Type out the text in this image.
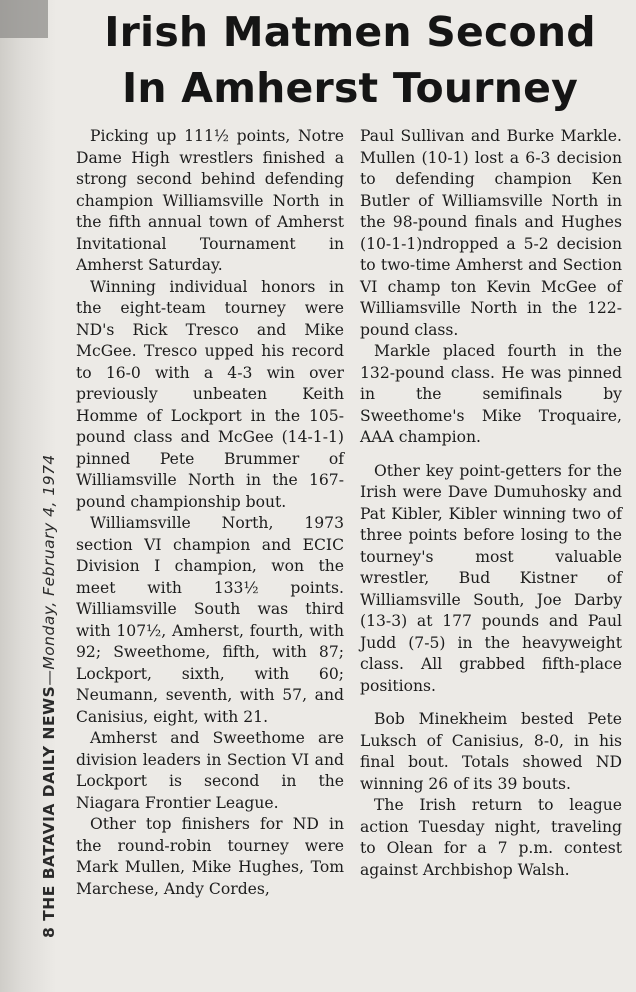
8 THE BATAVIA DAILY NEWS—Monday, February 4, 1974
Irish Matmen Second
In Amherst Tourney

Picking up 111½ points, Notre Dame High wrestlers finished a strong second behind defending champion Williamsville North in the fifth annual town of Amherst Invitational Tournament in Amherst Saturday.

Winning individual honors in the eight-team tourney were ND's Rick Tresco and Mike McGee. Tresco upped his record to 16-0 with a 4-3 win over previously unbeaten Keith Homme of Lockport in the 105-pound class and McGee (14-1-1) pinned Pete Brummer of Williamsville North in the 167-pound championship bout.

Williamsville North, 1973 section VI champion and ECIC Division I champion, won the meet with 133½ points. Williamsville South was third with 107½, Amherst, fourth, with 92; Sweethome, fifth, with 87; Lockport, sixth, with 60; Neumann, seventh, with 57, and Canisius, eight, with 21.

Amherst and Sweethome are division leaders in Section VI and Lockport is second in the Niagara Frontier League.

Other top finishers for ND in the round-robin tourney were Mark Mullen, Mike Hughes, Tom Marchese, Andy Cordes,

Paul Sullivan and Burke Markle. Mullen (10-1) lost a 6-3 decision to defending champion Ken Butler of Williamsville North in the 98-pound finals and Hughes (10-1-1)ndropped a 5-2 decision to two-time Amherst and Section VI champ ton Kevin McGee of Williamsville North in the 122-pound class.

Markle placed fourth in the 132-pound class. He was pinned in the semifinals by Sweethome's Mike Troquaire, AAA champion.

Other key point-getters for the Irish were Dave Dumuhosky and Pat Kibler, Kibler winning two of three points before losing to the tourney's most valuable wrestler, Bud Kistner of Williamsville South, Joe Darby (13-3) at 177 pounds and Paul Judd (7-5) in the heavyweight class. All grabbed fifth-place positions.

Bob Minekheim bested Pete Luksch of Canisius, 8-0, in his final bout. Totals showed ND winning 26 of its 39 bouts.

The Irish return to league action Tuesday night, traveling to Olean for a 7 p.m. contest against Archbishop Walsh.
